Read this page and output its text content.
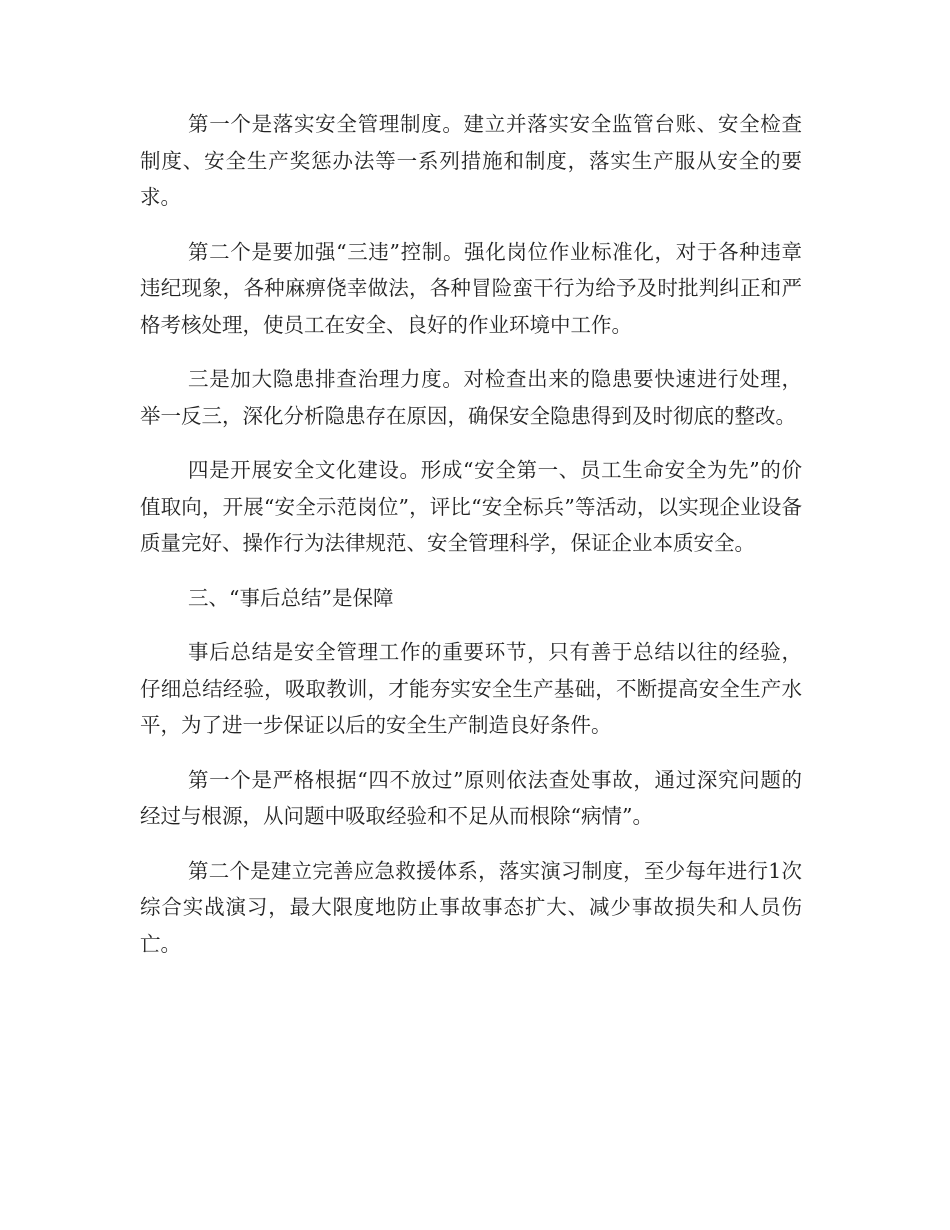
第一个是落实安全管理制度。建立并落实安全监管台账、安全检查制度、安全生产奖惩办法等一系列措施和制度，落实生产服从安全的要求。

第二个是要加强“三违”控制。强化岗位作业标准化，对于各种违章违纪现象，各种麻痹侥幸做法，各种冒险蛮干行为给予及时批判纠正和严格考核处理，使员工在安全、良好的作业环境中工作。

三是加大隐患排查治理力度。对检查出来的隐患要快速进行处理，举一反三，深化分析隐患存在原因，确保安全隐患得到及时彻底的整改。

四是开展安全文化建设。形成“安全第一、员工生命安全为先”的价值取向，开展“安全示范岗位”，评比“安全标兵”等活动，以实现企业设备质量完好、操作行为法律规范、安全管理科学，保证企业本质安全。

三、“事后总结”是保障

事后总结是安全管理工作的重要环节，只有善于总结以往的经验，仔细总结经验，吸取教训，才能夯实安全生产基础，不断提高安全生产水平，为了进一步保证以后的安全生产制造良好条件。

第一个是严格根据“四不放过”原则依法查处事故，通过深究问题的经过与根源，从问题中吸取经验和不足从而根除“病情”。

第二个是建立完善应急救援体系，落实演习制度，至少每年进行1次综合实战演习，最大限度地防止事故事态扩大、减少事故损失和人员伤亡。
